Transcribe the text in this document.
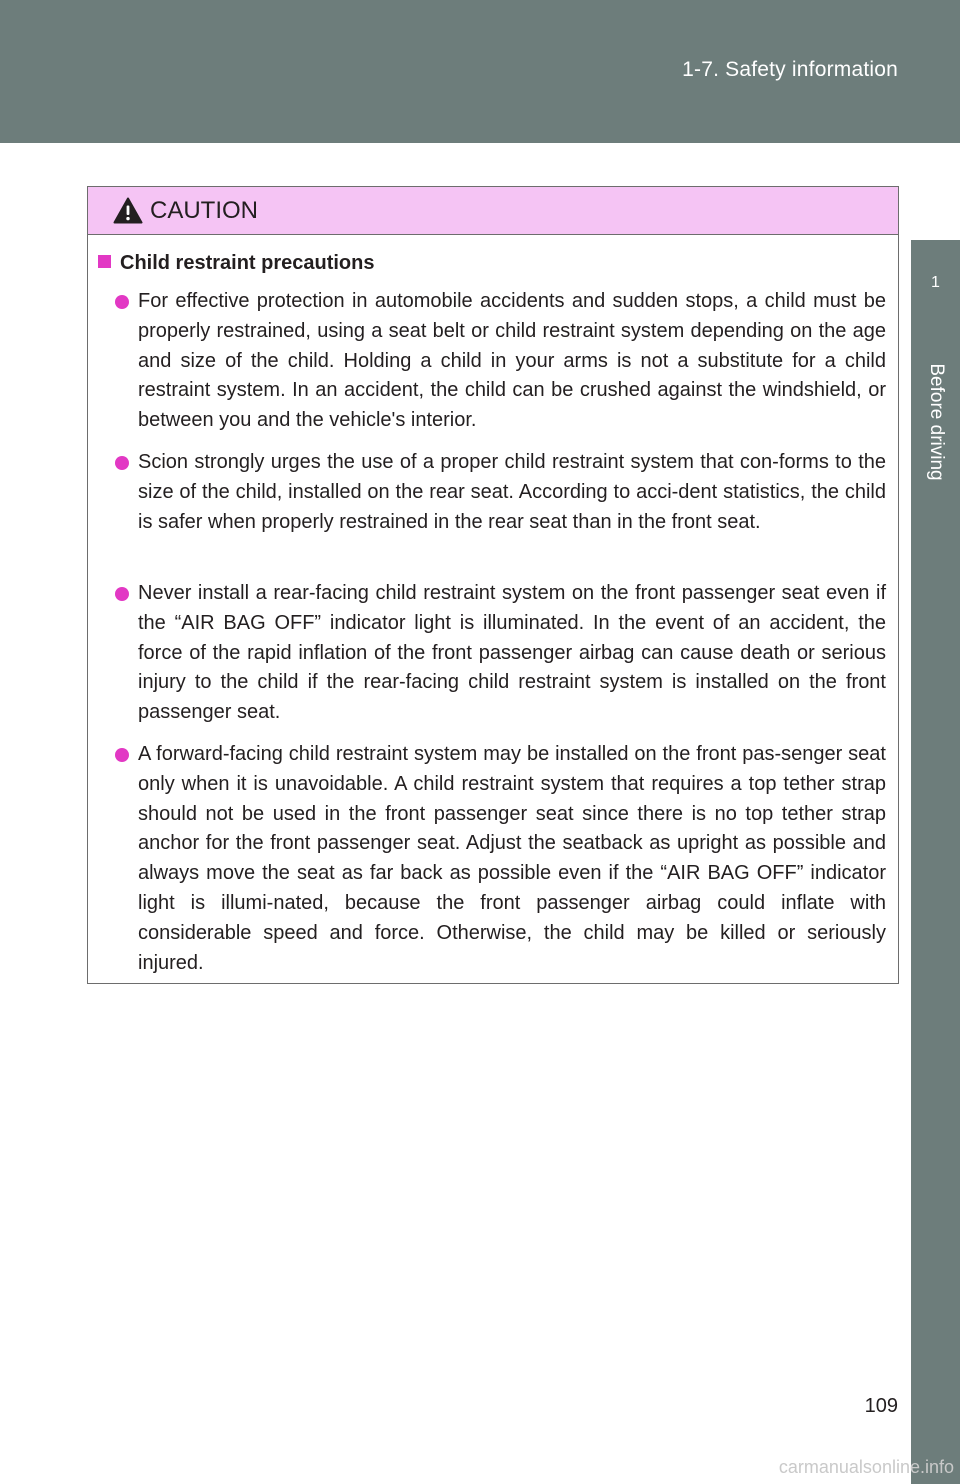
1-7. Safety information
1
Before driving
CAUTION
Child restraint precautions
For effective protection in automobile accidents and sudden stops, a child must be properly restrained, using a seat belt or child restraint system depending on the age and size of the child. Holding a child in your arms is not a substitute for a child restraint system. In an accident, the child can be crushed against the windshield, or between you and the vehicle's interior.
Scion strongly urges the use of a proper child restraint system that con-forms to the size of the child, installed on the rear seat. According to acci-dent statistics, the child is safer when properly restrained in the rear seat than in the front seat.
Never install a rear-facing child restraint system on the front passenger seat even if the “AIR BAG OFF” indicator light is illuminated. In the event of an accident, the force of the rapid inflation of the front passenger airbag can cause death or serious injury to the child if the rear-facing child restraint system is installed on the front passenger seat.
A forward-facing child restraint system may be installed on the front pas-senger seat only when it is unavoidable. A child restraint system that requires a top tether strap should not be used in the front passenger seat since there is no top tether strap anchor for the front passenger seat. Adjust the seatback as upright as possible and always move the seat as far back as possible even if the “AIR BAG OFF” indicator light is illumi-nated, because the front passenger airbag could inflate with considerable speed and force. Otherwise, the child may be killed or seriously injured.
109
carmanualsonline.info
